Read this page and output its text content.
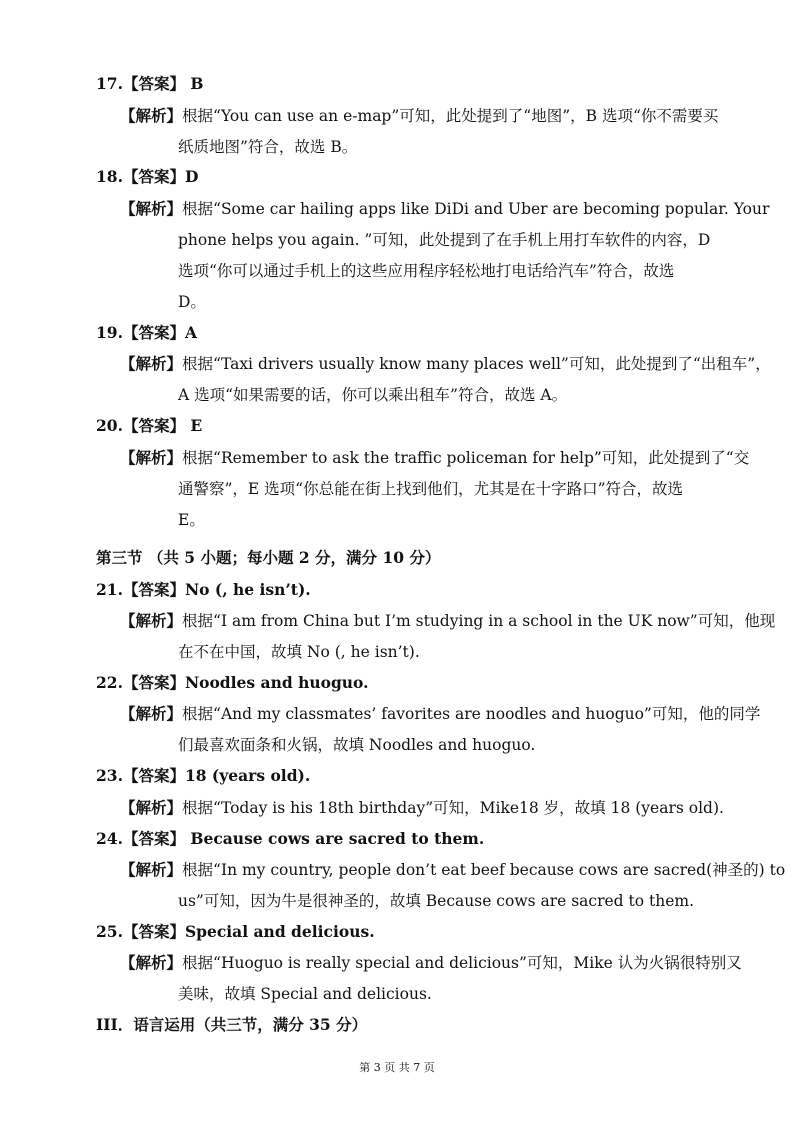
17.【答案】 B
【解析】根据“You can use an e-map”可知，此处提到了“地图”，B 选项“你不需要买
纸质地图”符合，故选 B。
18.【答案】D
【解析】根据“Some car hailing apps like DiDi and Uber are becoming popular. Your
phone helps you again. ”可知，此处提到了在手机上用打车软件的内容，D
选项“你可以通过手机上的这些应用程序轻松地打电话给汽车”符合，故选
D。
19.【答案】A
【解析】根据“Taxi drivers usually know many places well”可知，此处提到了“出租车”，
A 选项“如果需要的话，你可以乘出租车”符合，故选 A。
20.【答案】 E
【解析】根据“Remember to ask the traffic policeman for help”可知，此处提到了“交
通警察”，E 选项“你总能在街上找到他们，尤其是在十字路口”符合，故选
E。
第三节 （共 5 小题；每小题 2 分，满分 10 分）
21.【答案】No (, he isn’t).
【解析】根据“I am from China but I’m studying in a school in the UK now”可知，他现
在不在中国，故填 No (, he isn’t).
22.【答案】Noodles and huoguo.
【解析】根据“And my classmates’ favorites are noodles and huoguo”可知，他的同学
们最喜欢面条和火锅，故填 Noodles and huoguo.
23.【答案】18 (years old).
【解析】根据“Today is his 18th birthday”可知，Mike18 岁，故填 18 (years old).
24.【答案】 Because cows are sacred to them.
【解析】根据“In my country, people don’t eat beef because cows are sacred(神圣的) to
us”可知，因为牛是很神圣的，故填 Because cows are sacred to them.
25.【答案】Special and delicious.
【解析】根据“Huoguo is really special and delicious”可知，Mike 认为火锅很特别又
美味，故填 Special and delicious.
III．语言运用（共三节，满分 35 分）
第 3 页 共 7 页
